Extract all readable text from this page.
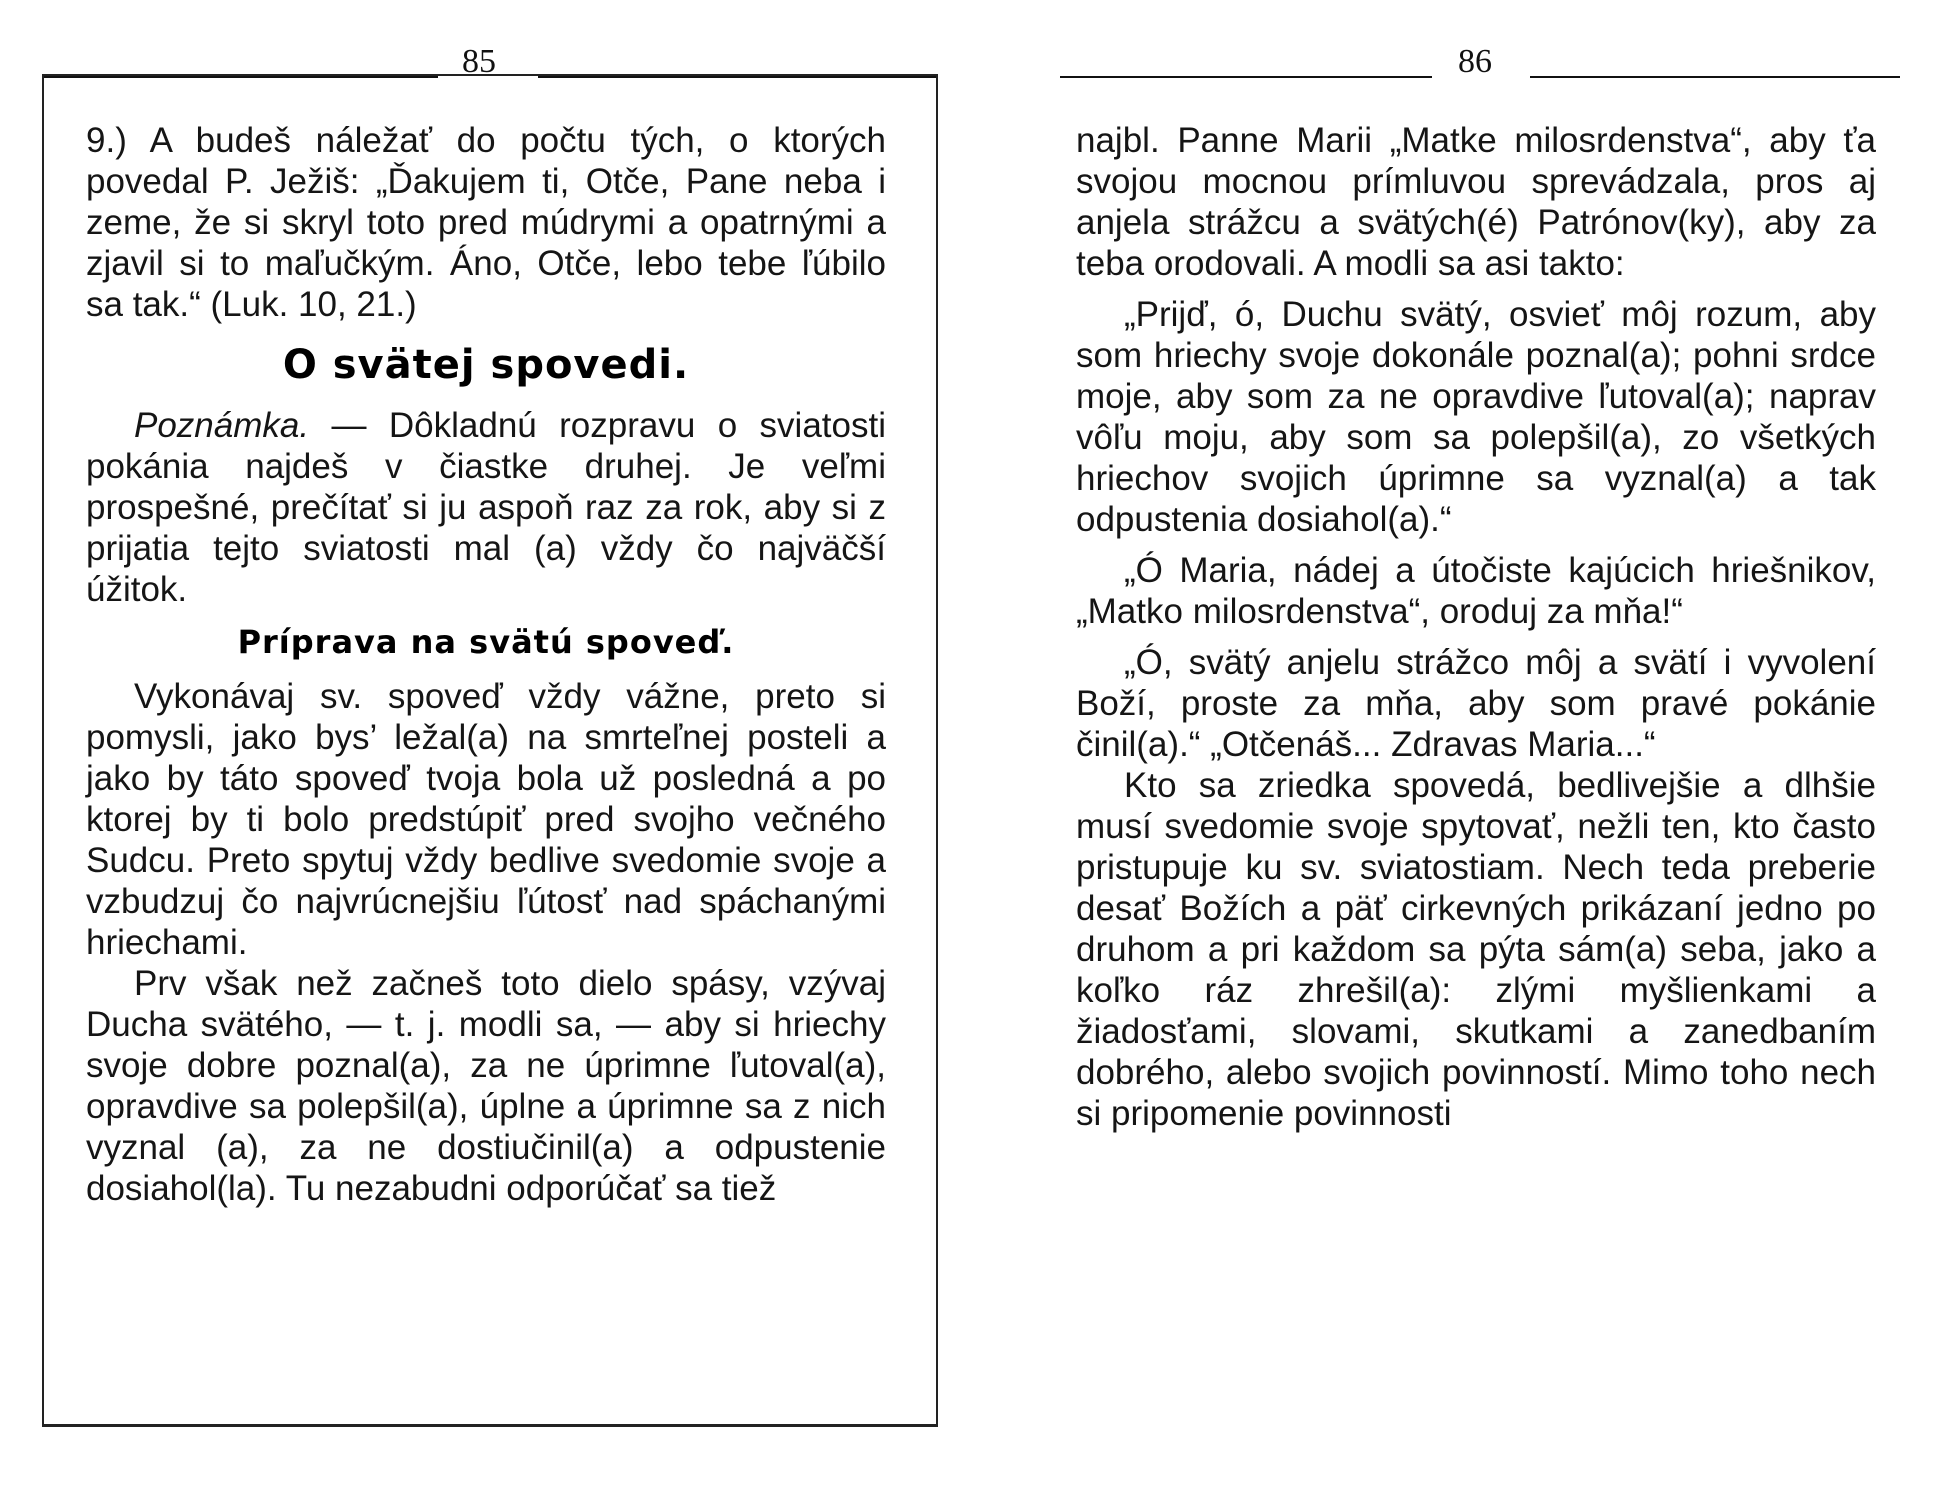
85

9.) A budeš náležať do počtu tých, o ktorých povedal P. Ježiš: „Ďakujem ti, Otče, Pane neba i zeme, že si skryl toto pred múdrymi a opatrnými a zjavil si to maľučkým. Áno, Otče, lebo tebe ľúbilo sa tak.“ (Luk. 10, 21.)

O svätej spovedi.

Poznámka. — Dôkladnú rozpravu o sviatosti pokánia najdeš v čiastke druhej. Je veľmi prospešné, prečítať si ju aspoň raz za rok, aby si z prijatia tejto sviatosti mal (a) vždy čo najväčší úžitok.

Príprava na svätú spoveď.

Vykonávaj sv. spoveď vždy vážne, preto si pomysli, jako bys’ ležal(a) na smrteľnej posteli a jako by táto spoveď tvoja bola už posledná a po ktorej by ti bolo predstúpiť pred svojho večného Sudcu. Preto spytuj vždy bedlive svedomie svoje a vzbudzuj čo najvrúcnejšiu ľútosť nad spáchanými hriechami.

Prv však než začneš toto dielo spásy, vzývaj Ducha svätého, — t. j. modli sa, — aby si hriechy svoje dobre poznal(a), za ne úprimne ľutoval(a), opravdive sa polepšil(a), úplne a úprimne sa z nich vyznal (a), za ne dostiučinil(a) a odpustenie dosiahol(la). Tu nezabudni odporúčať sa tiež

86

najbl. Panne Marii „Matke milosrdenstva“, aby ťa svojou mocnou prímluvou sprevádzala, pros aj anjela strážcu a svätých(é) Patrónov(ky), aby za teba orodovali. A modli sa asi takto:

„Prijď, ó, Duchu svätý, osvieť môj rozum, aby som hriechy svoje dokonále poznal(a); pohni srdce moje, aby som za ne opravdive ľutoval(a); naprav vôľu moju, aby som sa polepšil(a), zo všetkých hriechov svojich úprimne sa vyznal(a) a tak odpustenia dosiahol(a).“

„Ó Maria, nádej a útočiste kajúcich hriešnikov, „Matko milosrdenstva“, oroduj za mňa!“

„Ó, svätý anjelu strážco môj a svätí i vyvolení Boží, proste za mňa, aby som pravé pokánie činil(a).“ „Otčenáš... Zdravas Maria...“

Kto sa zriedka spovedá, bedlivejšie a dlhšie musí svedomie svoje spytovať, nežli ten, kto často pristupuje ku sv. sviatostiam. Nech teda preberie desať Božích a päť cirkevných prikázaní jedno po druhom a pri každom sa pýta sám(a) seba, jako a koľko ráz zhrešil(a): zlými myšlienkami a žiadosťami, slovami, skutkami a zanedbaním dobrého, alebo svojich povinností. Mimo toho nech si pripomenie povinnosti
